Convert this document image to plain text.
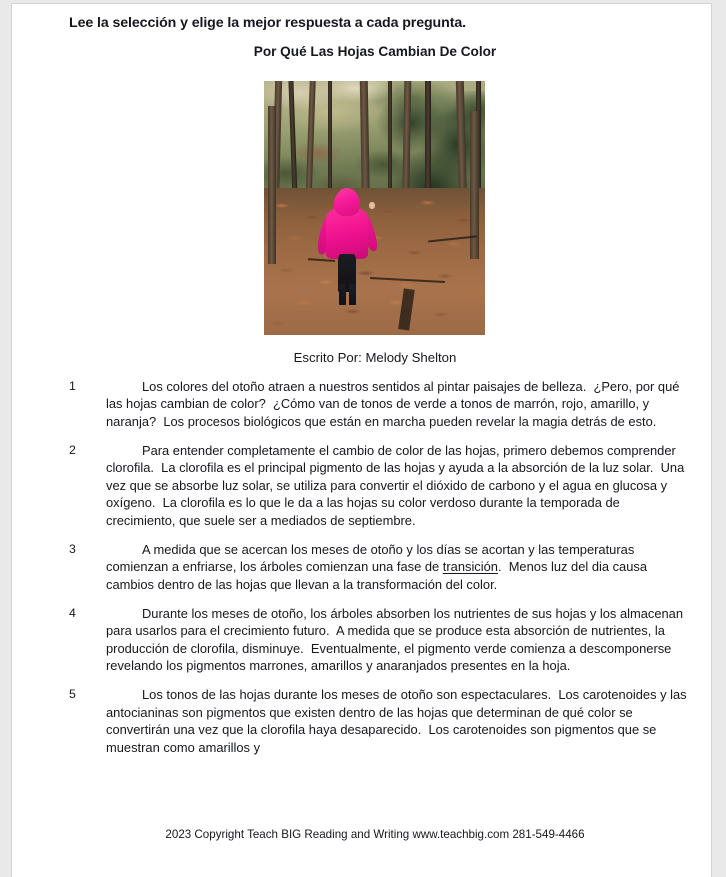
Lee la selección y elige la mejor respuesta a cada pregunta.
Por Qué Las Hojas Cambian De Color
Escrito Por: Melody Shelton
1	Los colores del otoño atraen a nuestros sentidos al pintar paisajes de belleza.  ¿Pero, por qué las hojas cambian de color?  ¿Cómo van de tonos de verde a tonos de marrón, rojo, amarillo, y naranja?  Los procesos biológicos que están en marcha pueden revelar la magia detrás de esto.
2	Para entender completamente el cambio de color de las hojas, primero debemos comprender clorofila.  La clorofila es el principal pigmento de las hojas y ayuda a la absorción de la luz solar.  Una vez que se absorbe luz solar, se utiliza para convertir el dióxido de carbono y el agua en glucosa y oxígeno.  La clorofila es lo que le da a las hojas su color verdoso durante la temporada de crecimiento, que suele ser a mediados de septiembre.
3	A medida que se acercan los meses de otoño y los días se acortan y las temperaturas comienzan a enfriarse, los árboles comienzan una fase de transición.  Menos luz del dia causa cambios dentro de las hojas que llevan a la transformación del color.
4	Durante los meses de otoño, los árboles absorben los nutrientes de sus hojas y los almacenan para usarlos para el crecimiento futuro.  A medida que se produce esta absorción de nutrientes, la producción de clorofila, disminuye.  Eventualmente, el pigmento verde comienza a descomponerse revelando los pigmentos marrones, amarillos y anaranjados presentes en la hoja.
5	Los tonos de las hojas durante los meses de otoño son espectaculares.  Los carotenoides y las antocianinas son pigmentos que existen dentro de las hojas que determinan de qué color se convertirán una vez que la clorofila haya desaparecido.  Los carotenoides son pigmentos que se muestran como amarillos y
2023 Copyright Teach BIG Reading and Writing www.teachbig.com 281-549-4466
